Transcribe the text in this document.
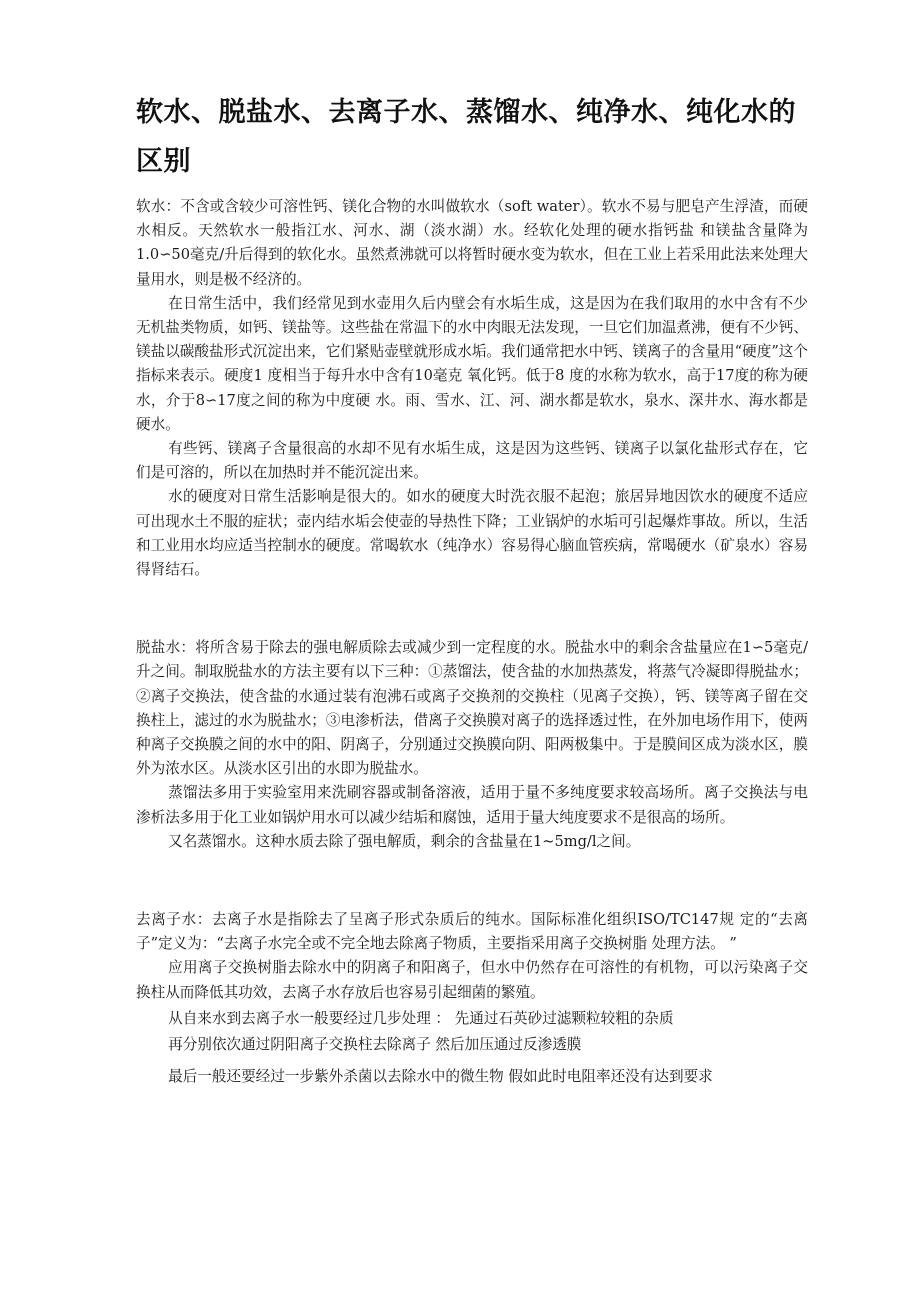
软水、脱盐水、去离子水、蒸馏水、纯净水、纯化水的区别

软水：不含或含较少可溶性钙、镁化合物的水叫做软水（soft water）。软水不易与肥皂产生浮渣，而硬水相反。天然软水一般指江水、河水、湖（淡水湖）水。经软化处理的硬水指钙盐 和镁盐含量降为1.0∽50毫克/升后得到的软化水。虽然煮沸就可以将暂时硬水变为软水，但在工业上若采用此法来处理大量用水，则是极不经济的。

在日常生活中，我们经常见到水壶用久后内壁会有水垢生成，这是因为在我们取用的水中含有不少无机盐类物质，如钙、镁盐等。这些盐在常温下的水中肉眼无法发现，一旦它们加温煮沸，便有不少钙、镁盐以碳酸盐形式沉淀出来，它们紧贴壶壁就形成水垢。我们通常把水中钙、镁离子的含量用“硬度”这个指标来表示。硬度1 度相当于每升水中含有10毫克 氧化钙。低于8 度的水称为软水，高于17度的称为硬水，介于8∽17度之间的称为中度硬 水。雨、雪水、江、河、湖水都是软水，泉水、深井水、海水都是硬水。

有些钙、镁离子含量很高的水却不见有水垢生成，这是因为这些钙、镁离子以氯化盐形式存在，它们是可溶的，所以在加热时并不能沉淀出来。

水的硬度对日常生活影响是很大的。如水的硬度大时洗衣服不起泡；旅居异地因饮水的硬度不适应可出现水土不服的症状；壶内结水垢会使壶的导热性下降；工业锅炉的水垢可引起爆炸事故。所以，生活和工业用水均应适当控制水的硬度。常喝软水（纯净水）容易得心脑血管疾病，常喝硬水（矿泉水）容易得肾结石。

脱盐水：将所含易于除去的强电解质除去或减少到一定程度的水。脱盐水中的剩余含盐量应在1∽5毫克/升之间。制取脱盐水的方法主要有以下三种：①蒸馏法，使含盐的水加热蒸发，将蒸气冷凝即得脱盐水；②离子交换法，使含盐的水通过装有泡沸石或离子交换剂的交换柱（见离子交换），钙、镁等离子留在交换柱上，滤过的水为脱盐水；③电渗析法，借离子交换膜对离子的选择透过性，在外加电场作用下，使两种离子交换膜之间的水中的阳、阴离子，分别通过交换膜向阴、阳两极集中。于是膜间区成为淡水区，膜外为浓水区。从淡水区引出的水即为脱盐水。

蒸馏法多用于实验室用来洗刷容器或制备溶液，适用于量不多纯度要求较高场所。离子交换法与电渗析法多用于化工业如锅炉用水可以减少结垢和腐蚀，适用于量大纯度要求不是很高的场所。

又名蒸馏水。这种水质去除了强电解质，剩余的含盐量在1~5mg/l之间。

去离子水：去离子水是指除去了呈离子形式杂质后的纯水。国际标准化组织ISO/TC147规 定的“去离子”定义为：“去离子水完全或不完全地去除离子物质，主要指采用离子交换树脂 处理方法。 ”

应用离子交换树脂去除水中的阴离子和阳离子，但水中仍然存在可溶性的有机物，可以污染离子交换柱从而降低其功效，去离子水存放后也容易引起细菌的繁殖。

从自来水到去离子水一般要经过几步处理 ： 先通过石英砂过滤颗粒较粗的杂质

再分别依次通过阴阳离子交换柱去除离子 然后加压通过反渗透膜

最后一般还要经过一步紫外杀菌以去除水中的微生物 假如此时电阻率还没有达到要求
